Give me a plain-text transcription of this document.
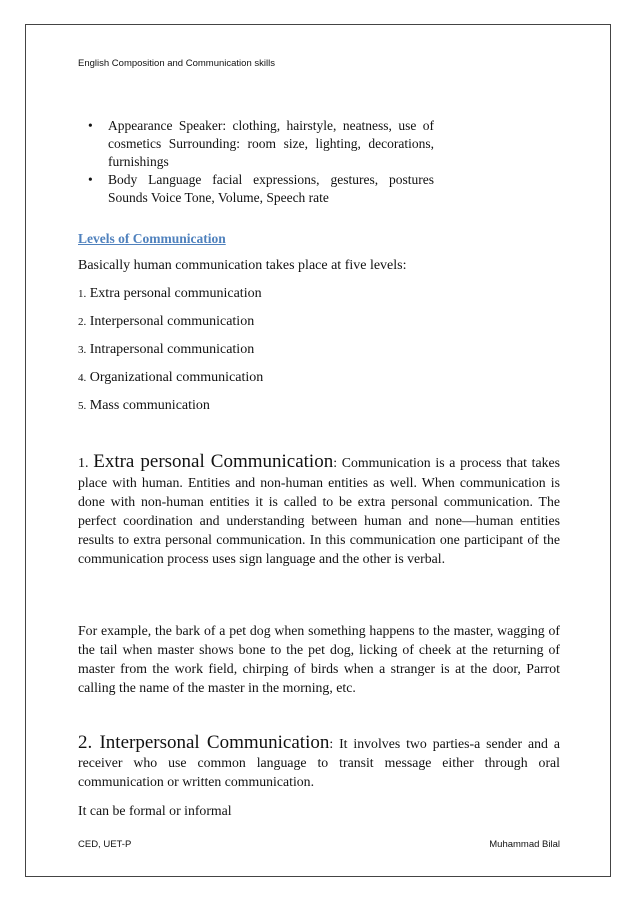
English Composition and Communication skills
• Appearance Speaker: clothing, hairstyle, neatness, use of cosmetics Surrounding: room size, lighting, decorations, furnishings
• Body Language facial expressions, gestures, postures Sounds Voice Tone, Volume, Speech rate
Levels of Communication
Basically human communication takes place at five levels:
1. Extra personal communication
2. Interpersonal communication
3. Intrapersonal communication
4. Organizational communication
5. Mass communication

1. Extra personal Communication: Communication is a process that takes place with human. Entities and non-human entities as well. When communication is done with non-human entities it is called to be extra personal communication. The perfect coordination and understanding between human and none—human entities results to extra personal communication. In this communication one participant of the communication process uses sign language and the other is verbal.

For example, the bark of a pet dog when something happens to the master, wagging of the tail when master shows bone to the pet dog, licking of cheek at the returning of master from the work field, chirping of birds when a stranger is at the door, Parrot calling the name of the master in the morning, etc.

2. Interpersonal Communication: It involves two parties-a sender and a receiver who use common language to transit message either through oral communication or written communication.

It can be formal or informal
CED, UET-P	Muhammad Bilal
